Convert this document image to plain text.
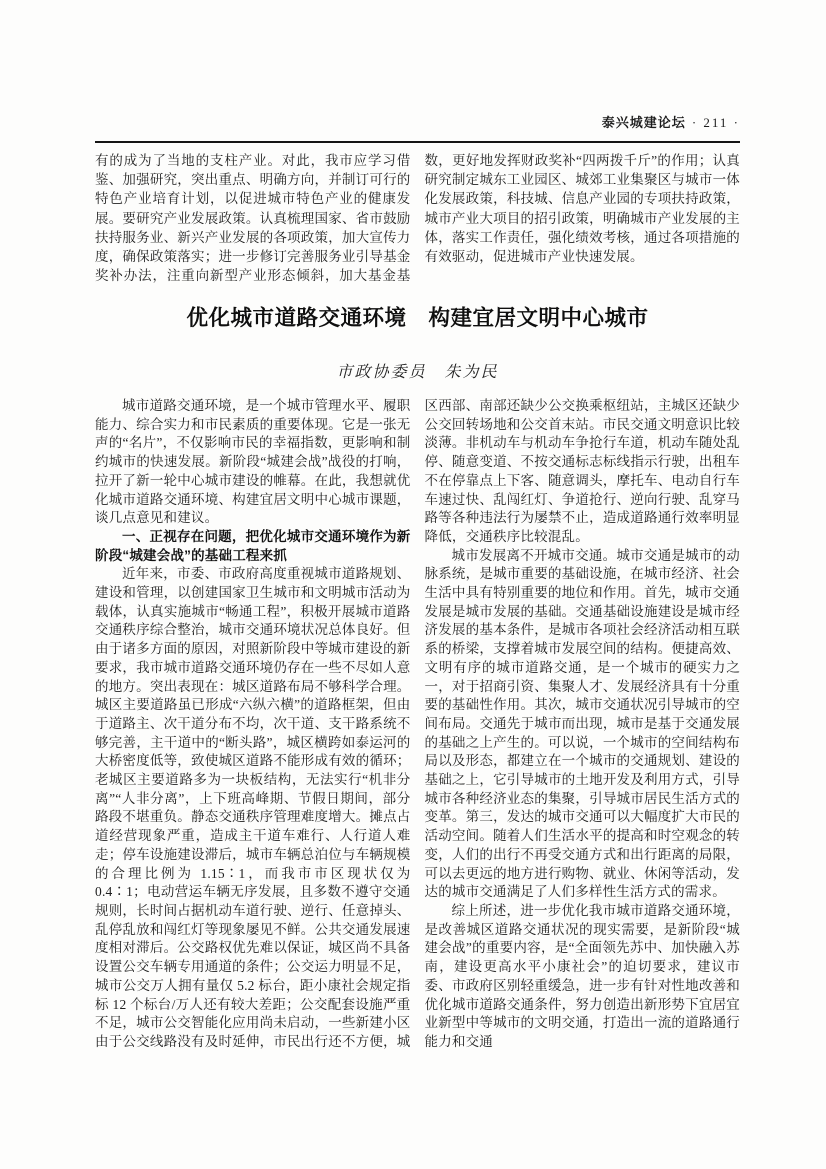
泰兴城建论坛 · 211 ·

有的成为了当地的支柱产业。对此，我市应学习借鉴、加强研究，突出重点、明确方向，并制订可行的特色产业培育计划，以促进城市特色产业的健康发展。要研究产业发展政策。认真梳理国家、省市鼓励扶持服务业、新兴产业发展的各项政策，加大宣传力度，确保政策落实；进一步修订完善服务业引导基金奖补办法，注重向新型产业形态倾斜，加大基金基数，更好地发挥财政奖补“四两拨千斤”的作用；认真研究制定城东工业园区、城郊工业集聚区与城市一体化发展政策，科技城、信息产业园的专项扶持政策，城市产业大项目的招引政策，明确城市产业发展的主体，落实工作责任，强化绩效考核，通过各项措施的有效驱动，促进城市产业快速发展。

优化城市道路交通环境　构建宜居文明中心城市
市政协委员 朱为民

城市道路交通环境，是一个城市管理水平、履职能力、综合实力和市民素质的重要体现。它是一张无声的“名片”，不仅影响市民的幸福指数，更影响和制约城市的快速发展。新阶段“城建会战”战役的打响，拉开了新一轮中心城市建设的帷幕。在此，我想就优化城市道路交通环境、构建宜居文明中心城市课题，谈几点意见和建议。

一、正视存在问题，把优化城市交通环境作为新阶段“城建会战”的基础工程来抓

近年来，市委、市政府高度重视城市道路规划、建设和管理，以创建国家卫生城市和文明城市活动为载体，认真实施城市“畅通工程”，积极开展城市道路交通秩序综合整治，城市交通环境状况总体良好。但由于诸多方面的原因，对照新阶段中等城市建设的新要求，我市城市道路交通环境仍存在一些不尽如人意的地方。突出表现在：城区道路布局不够科学合理。城区主要道路虽已形成“六纵六横”的道路框架，但由于道路主、次干道分布不均，次干道、支干路系统不够完善，主干道中的“断头路”，城区横跨如泰运河的大桥密度低等，致使城区道路不能形成有效的循环；老城区主要道路多为一块板结构，无法实行“机非分离”“人非分离”，上下班高峰期、节假日期间，部分路段不堪重负。静态交通秩序管理难度增大。摊点占道经营现象严重，造成主干道车难行、人行道人难走；停车设施建设滞后，城市车辆总泊位与车辆规模的合理比例为 1.15∶1，而我市市区现状仅为 0.4∶1；电动营运车辆无序发展，且多数不遵守交通规则，长时间占据机动车道行驶、逆行、任意掉头、乱停乱放和闯红灯等现象屡见不鲜。公共交通发展速度相对滞后。公交路权优先难以保证，城区尚不具备设置公交车辆专用通道的条件；公交运力明显不足，城市公交万人拥有量仅 5.2 标台，距小康社会规定指标 12 个标台/万人还有较大差距；公交配套设施严重不足，城市公交智能化应用尚未启动，一些新建小区由于公交线路没有及时延伸，市民出行还不方便，城区西部、南部还缺少公交换乘枢纽站，主城区还缺少公交回转场地和公交首末站。市民交通文明意识比较淡薄。非机动车与机动车争抢行车道，机动车随处乱停、随意变道、不按交通标志标线指示行驶，出租车不在停靠点上下客、随意调头，摩托车、电动自行车车速过快、乱闯红灯、争道抢行、逆向行驶、乱穿马路等各种违法行为屡禁不止，造成道路通行效率明显降低，交通秩序比较混乱。

城市发展离不开城市交通。城市交通是城市的动脉系统，是城市重要的基础设施，在城市经济、社会生活中具有特别重要的地位和作用。首先，城市交通发展是城市发展的基础。交通基础设施建设是城市经济发展的基本条件，是城市各项社会经济活动相互联系的桥梁，支撑着城市发展空间的结构。便捷高效、文明有序的城市道路交通，是一个城市的硬实力之一，对于招商引资、集聚人才、发展经济具有十分重要的基础性作用。其次，城市交通状况引导城市的空间布局。交通先于城市而出现，城市是基于交通发展的基础之上产生的。可以说，一个城市的空间结构布局以及形态，都建立在一个城市的交通规划、建设的基础之上，它引导城市的土地开发及利用方式，引导城市各种经济业态的集聚，引导城市居民生活方式的变革。第三，发达的城市交通可以大幅度扩大市民的活动空间。随着人们生活水平的提高和时空观念的转变，人们的出行不再受交通方式和出行距离的局限，可以去更远的地方进行购物、就业、休闲等活动，发达的城市交通满足了人们多样性生活方式的需求。

综上所述，进一步优化我市城市道路交通环境，是改善城区道路交通状况的现实需要，是新阶段“城建会战”的重要内容，是“全面领先苏中、加快融入苏南，建设更高水平小康社会”的迫切要求，建议市委、市政府区别轻重缓急，进一步有针对性地改善和优化城市道路交通条件，努力创造出新形势下宜居宜业新型中等城市的文明交通，打造出一流的道路通行能力和交通
